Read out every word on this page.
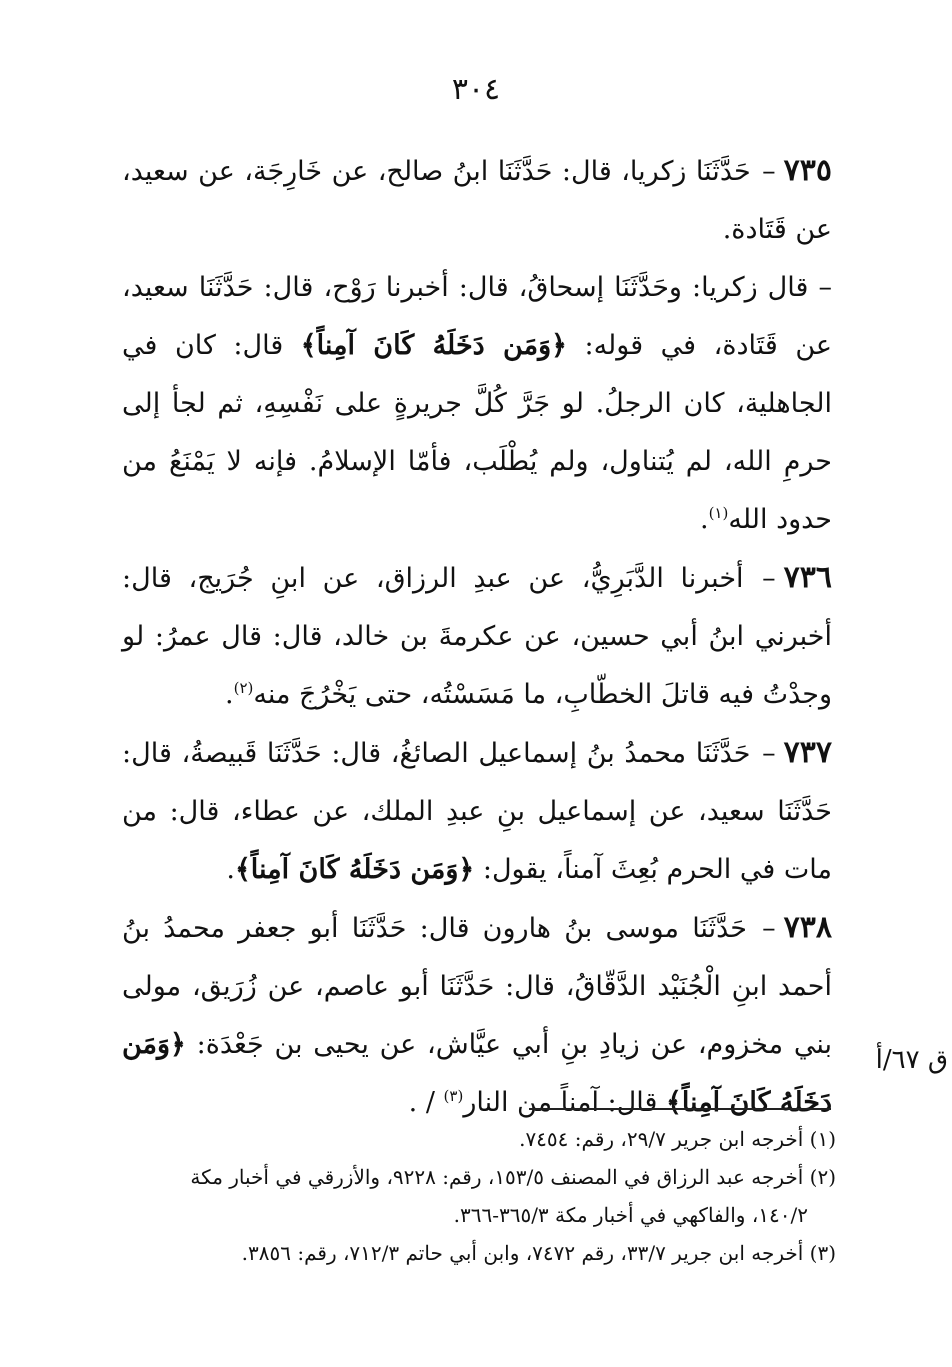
٣٠٤

٧٣٥– حَدَّثَنَا زكريا، قال: حَدَّثَنَا ابنُ صالح، عن خَارِجَة، عن سعيد، عن قَتَادة.

– قال زكريا: وحَدَّثَنَا إسحاقُ، قال: أخبرنا رَوْح، قال: حَدَّثَنَا سعيد، عن قَتَادة، في قوله: ﴿وَمَن دَخَلَهُ كَانَ آمِناً﴾ قال: كان في الجاهلية، كان الرجلُ. لو جَرَّ كُلَّ جريرةٍ على نَفْسِهِ، ثم لجأ إلى حرمِ الله، لم يُتناول، ولم يُطْلَب، فأمّا الإسلامُ. فإنه لا يَمْنَعُ من حدود الله$^{(١)}$.

٧٣٦– أخبرنا الدَّبَرِيُّ، عن عبدِ الرزاق، عن ابنِ جُرَيج، قال: أخبرني ابنُ أبي حسين، عن عكرمةَ بن خالد، قال: قال عمرُ: لو وجدْتُ فيه قاتلَ الخطّابِ، ما مَسَسْتُه، حتى يَخْرُجَ منه$^{(٢)}$.

٧٣٧– حَدَّثَنَا محمدُ بنُ إسماعيل الصائغُ، قال: حَدَّثَنَا قَبيصةُ، قال: حَدَّثَنَا سعيد، عن إسماعيل بنِ عبدِ الملك، عن عطاء، قال: من مات في الحرم بُعِثَ آمناً، يقول: ﴿وَمَن دَخَلَهُ كَانَ آمِناً﴾.

٧٣٨– حَدَّثَنَا موسى بنُ هارون قال: حَدَّثَنَا أبو جعفر محمدُ بنُ أحمد ابنِ الْجُنَيْد الدَّقّاقُ، قال: حَدَّثَنَا أبو عاصم، عن زُرَيق، مولى بني مخزوم، عن زيادِ بنِ أبي عيَّاش، عن يحيى بن جَعْدَة: ﴿وَمَن دَخَلَهُ كَانَ آمِناً﴾ قال: آمناً من النار$^{(٣)}$ / .

ق ٦٧/أ

(١) أخرجه ابن جرير ٢٩/٧، رقم: ٧٤٥٤.

(٢) أخرجه عبد الرزاق في المصنف ١٥٣/٥، رقم: ٩٢٢٨، والأزرقي في أخبار مكة ١٤٠/٢، والفاكهي في أخبار مكة ٣٦٥/٣-٣٦٦.

(٣) أخرجه ابن جرير ٣٣/٧، رقم ٧٤٧٢، وابن أبي حاتم ٧١٢/٣، رقم: ٣٨٥٦.
